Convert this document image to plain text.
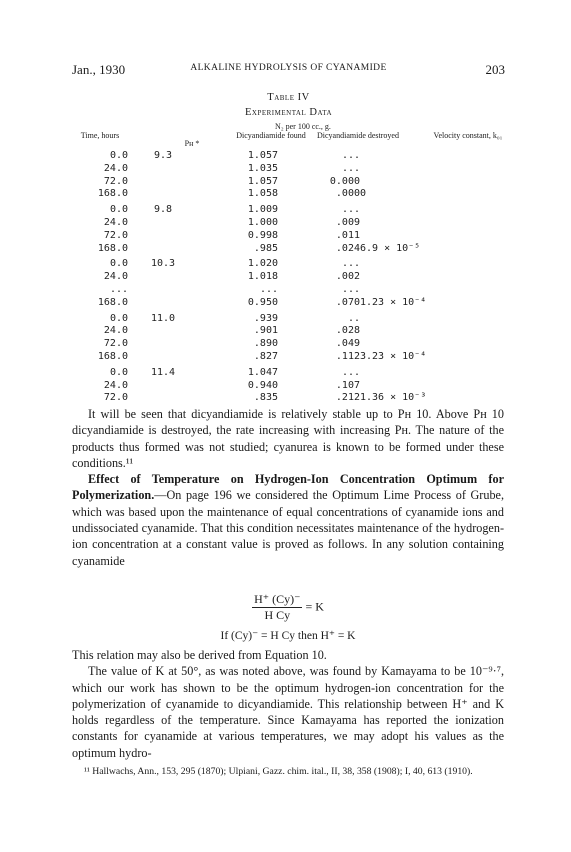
Jan., 1930	ALKALINE HYDROLYSIS OF CYANAMIDE	203
Table IV
Experimental Data
N₂ per 100 cc., g.
Time, hours
Pʜ *
Dicyandiamide found	Dicyandiamide destroyed	Velocity constant, k₀₁
0.0	9.3	1.057	...	
24.0		1.035	...	
72.0		1.057	0.000	
168.0		1.058	.000	0
0.0	9.8	1.009	...	
24.0		1.000	.009	
72.0		0.998	.011	
168.0		.985	.024	6.9 × 10⁻⁵
0.0	10.3	1.020	...	
24.0		1.018	.002	
...		...	...	
168.0		0.950	.070	1.23 × 10⁻⁴
0.0	11.0	.939	..	
24.0		.901	.028	
72.0		.890	.049	
168.0		.827	.112	3.23 × 10⁻⁴
0.0	11.4	1.047	...	
24.0		0.940	.107	
72.0		.835	.212	1.36 × 10⁻³

It will be seen that dicyandiamide is relatively stable up to Pʜ 10. Above Pʜ 10 dicyandiamide is destroyed, the rate increasing with increasing Pʜ. The nature of the products thus formed was not studied; cyanurea is known to be formed under these conditions.¹¹

Effect of Temperature on Hydrogen-Ion Concentration Optimum for Polymerization.—On page 196 we considered the Optimum Lime Process of Grube, which was based upon the maintenance of equal concentrations of cyanamide ions and undissociated cyanamide. That this condition necessitates maintenance of the hydrogen-ion concentration at a constant value is proved as follows. In any solution containing cyanamide

$\frac{H^+ (Cy)^-}{\text{H Cy}} = K$
If (Cy)⁻ = H Cy then H⁺ = K

This relation may also be derived from Equation 10.

The value of K at 50°, as was noted above, was found by Kamayama to be 10⁻⁹·⁷, which our work has shown to be the optimum hydrogen-ion concentration for the polymerization of cyanamide to dicyandiamide. This relationship between H⁺ and K holds regardless of the temperature. Since Kamayama has reported the ionization constants for cyanamide at various temperatures, we may adopt his values as the optimum hydro-

¹¹ Hallwachs, Ann., 153, 295 (1870); Ulpiani, Gazz. chim. ital., II, 38, 358 (1908); I, 40, 613 (1910).
